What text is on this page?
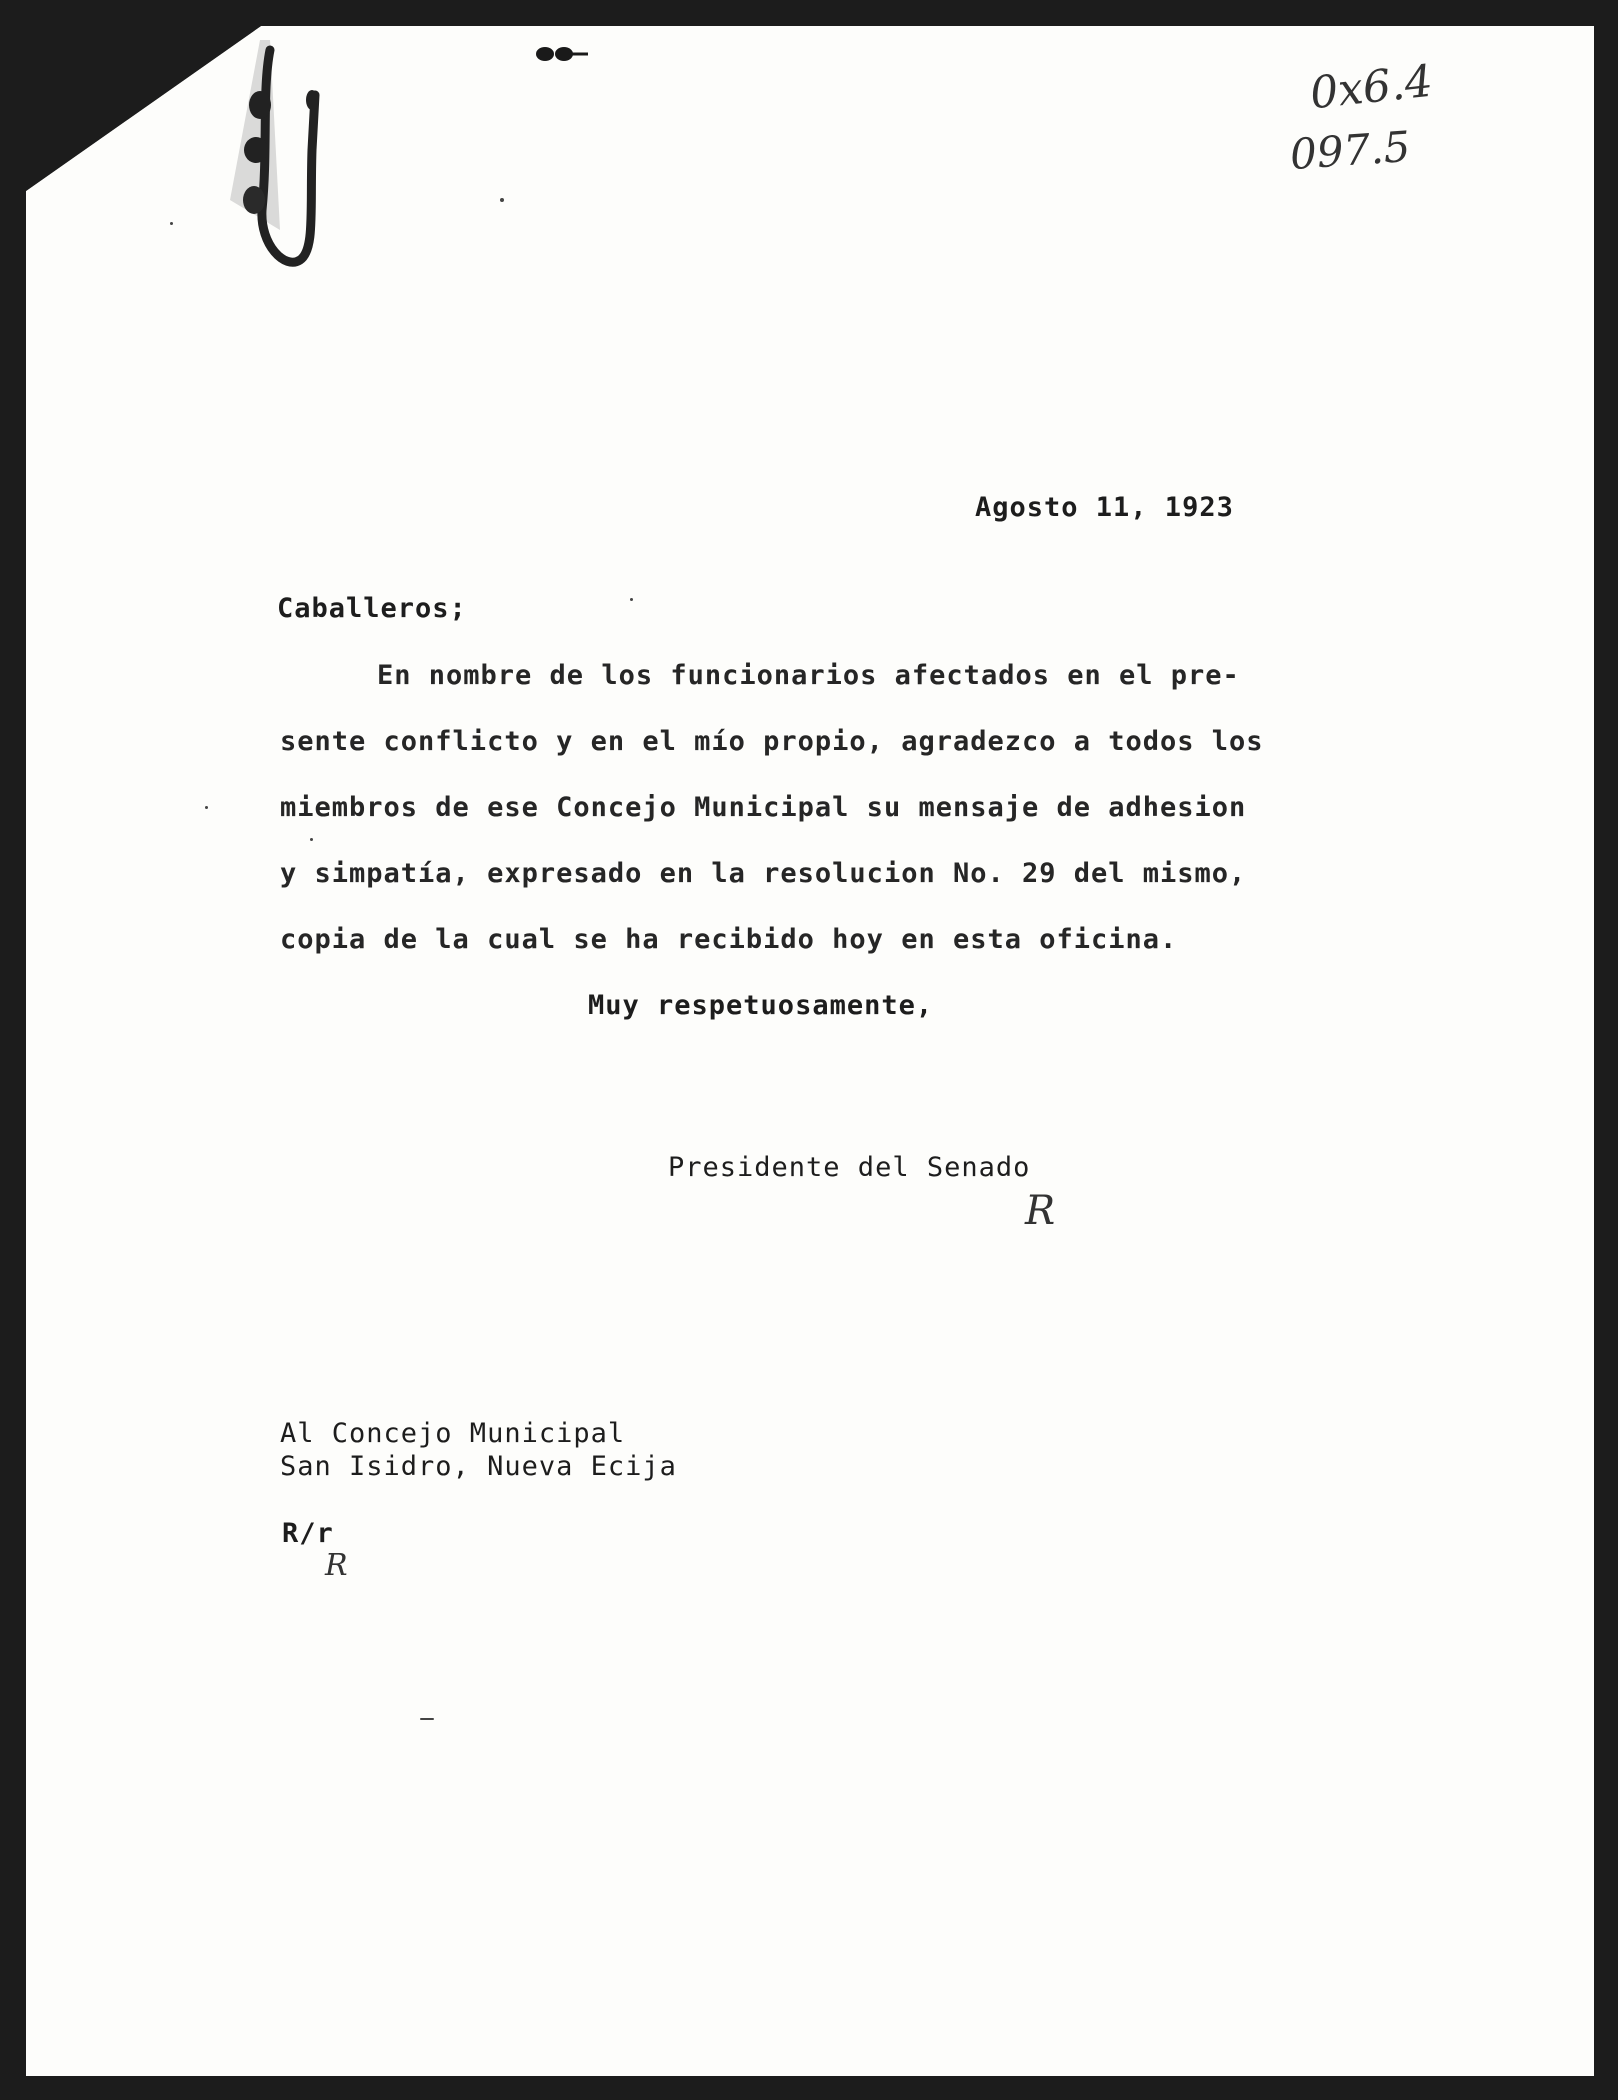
0x6.4

097.5

Agosto 11, 1923

Caballeros;

En nombre de los funcionarios afectados en el pre-

sente conflicto y en el mío propio, agradezco a todos los

miembros de ese Concejo Municipal su mensaje de adhesion

y simpatía, expresado en la resolucion No. 29 del mismo,

copia de la cual se ha recibido hoy en esta oficina.

Muy respetuosamente,

Presidente del Senado

R

Al Concejo Municipal

San Isidro, Nueva Ecija

R/r

R
